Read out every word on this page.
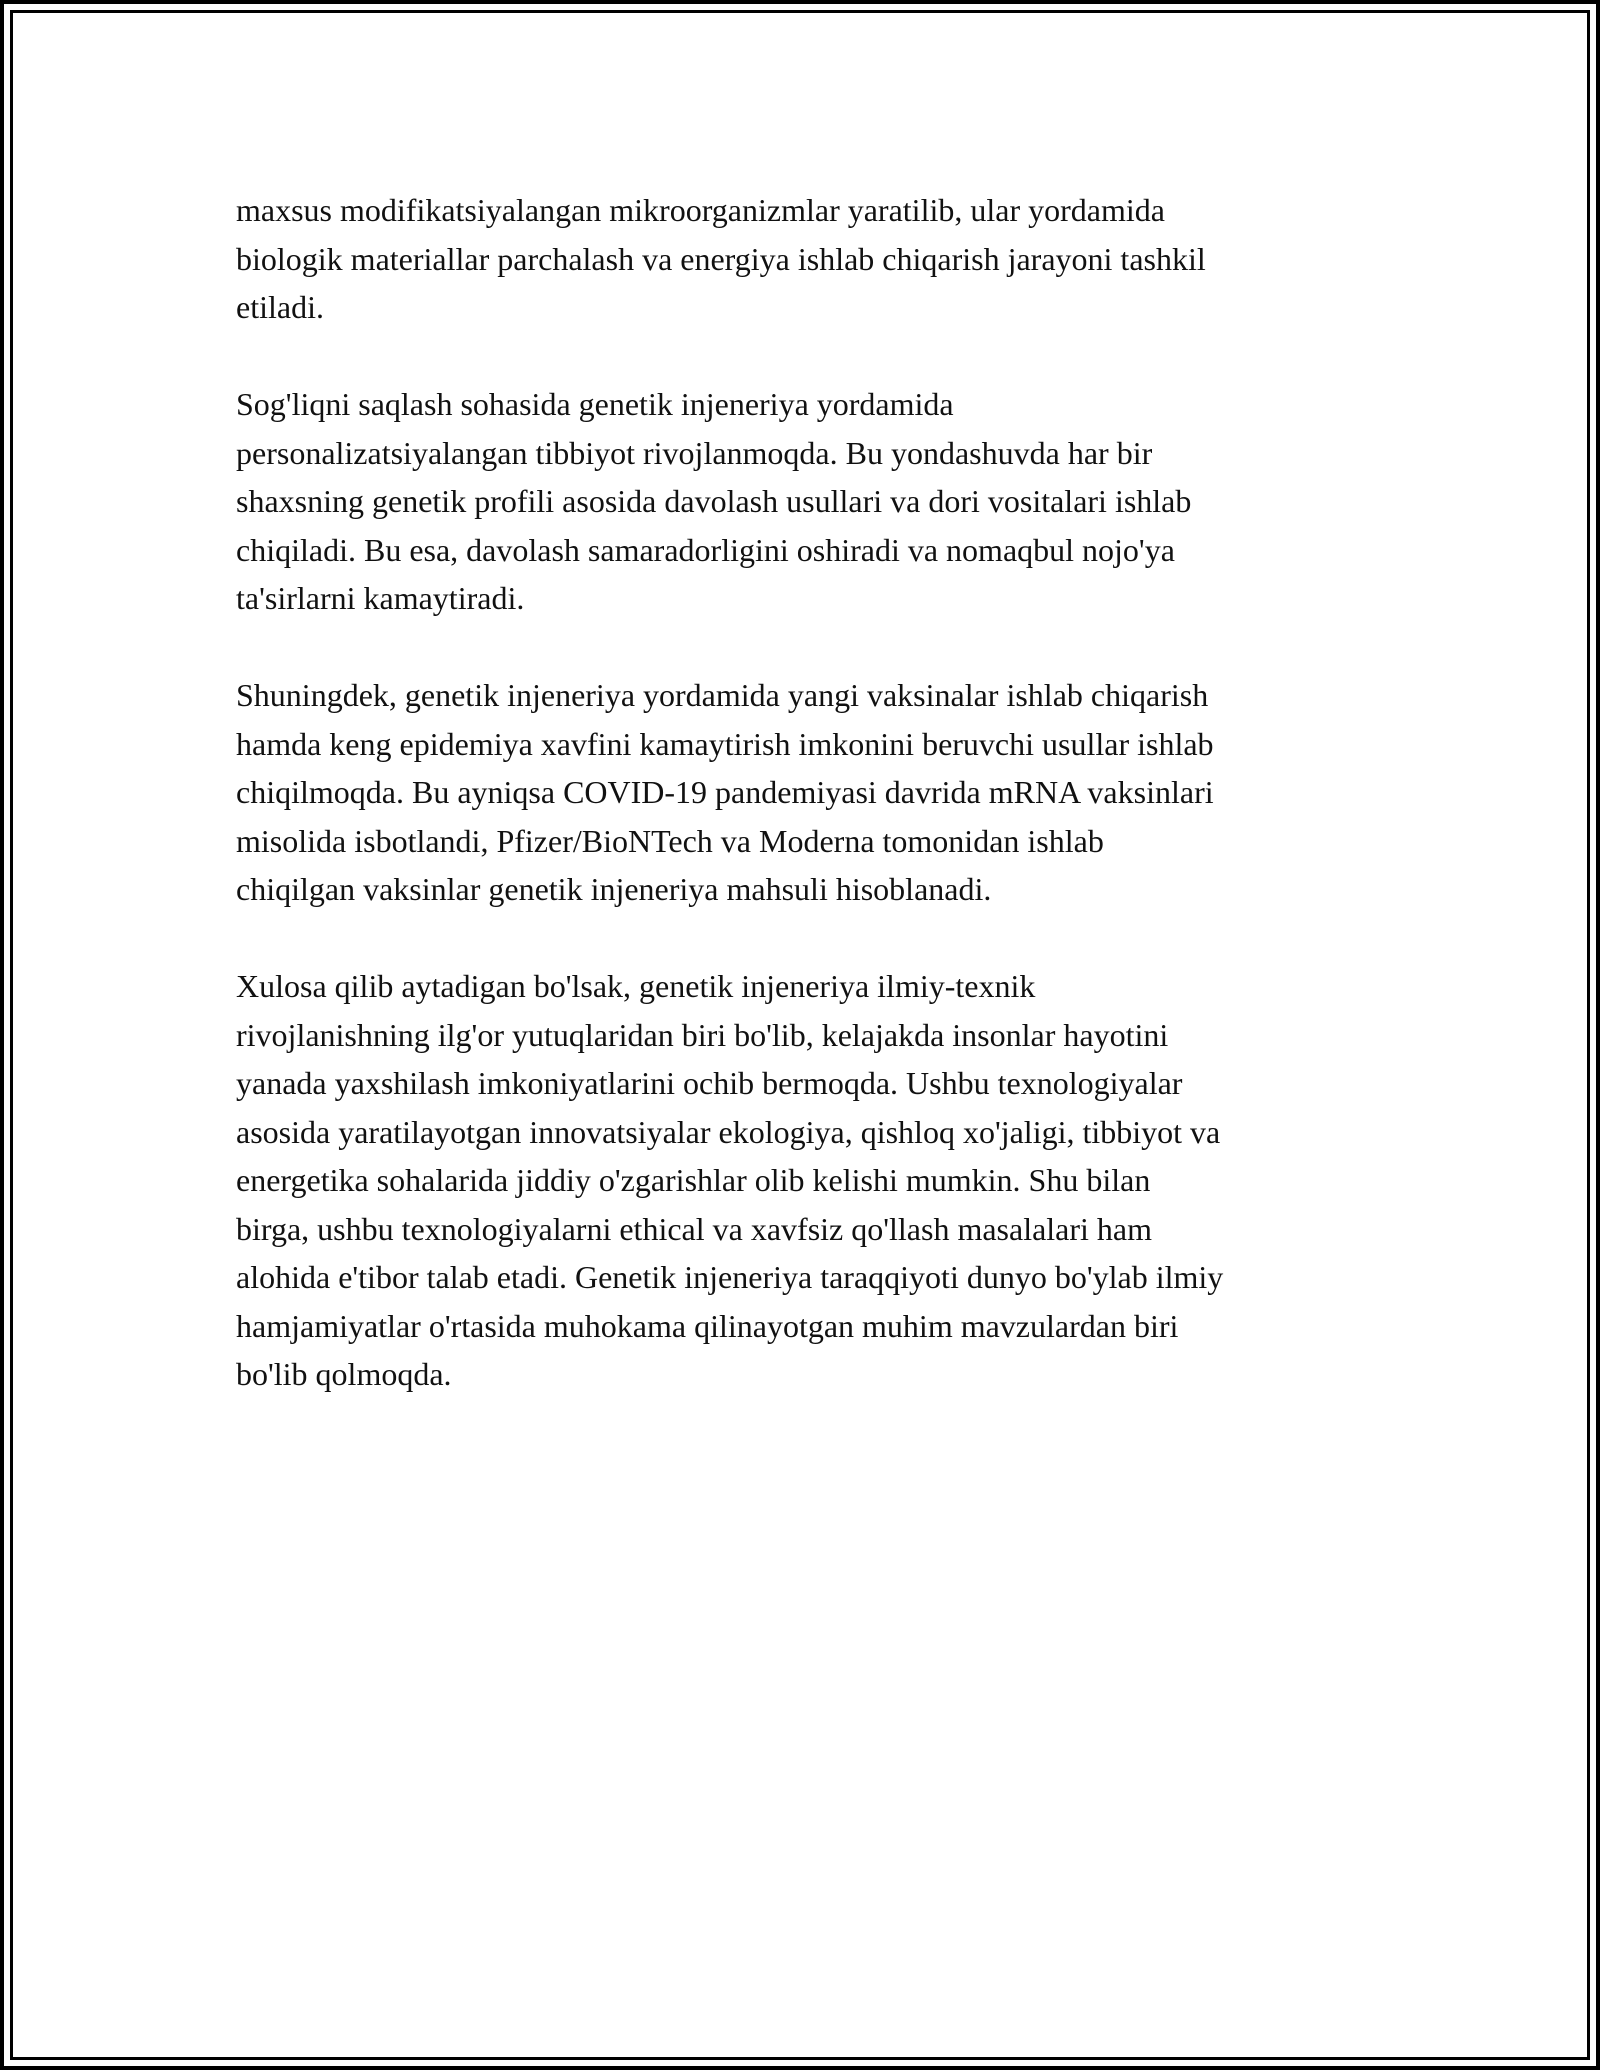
maxsus modifikatsiyalangan mikroorganizmlar yaratilib, ular yordamida
biologik materiallar parchalash va energiya ishlab chiqarish jarayoni tashkil
etiladi.

Sog'liqni saqlash sohasida genetik injeneriya yordamida
personalizatsiyalangan tibbiyot rivojlanmoqda. Bu yondashuvda har bir
shaxsning genetik profili asosida davolash usullari va dori vositalari ishlab
chiqiladi. Bu esa, davolash samaradorligini oshiradi va nomaqbul nojo'ya
ta'sirlarni kamaytiradi.

Shuningdek, genetik injeneriya yordamida yangi vaksinalar ishlab chiqarish
hamda keng epidemiya xavfini kamaytirish imkonini beruvchi usullar ishlab
chiqilmoqda. Bu ayniqsa COVID-19 pandemiyasi davrida mRNA vaksinlari
misolida isbotlandi, Pfizer/BioNTech va Moderna tomonidan ishlab
chiqilgan vaksinlar genetik injeneriya mahsuli hisoblanadi.

Xulosa qilib aytadigan bo'lsak, genetik injeneriya ilmiy-texnik
rivojlanishning ilg'or yutuqlaridan biri bo'lib, kelajakda insonlar hayotini
yanada yaxshilash imkoniyatlarini ochib bermoqda. Ushbu texnologiyalar
asosida yaratilayotgan innovatsiyalar ekologiya, qishloq xo'jaligi, tibbiyot va
energetika sohalarida jiddiy o'zgarishlar olib kelishi mumkin. Shu bilan
birga, ushbu texnologiyalarni ethical va xavfsiz qo'llash masalalari ham
alohida e'tibor talab etadi. Genetik injeneriya taraqqiyoti dunyo bo'ylab ilmiy
hamjamiyatlar o'rtasida muhokama qilinayotgan muhim mavzulardan biri
bo'lib qolmoqda.
